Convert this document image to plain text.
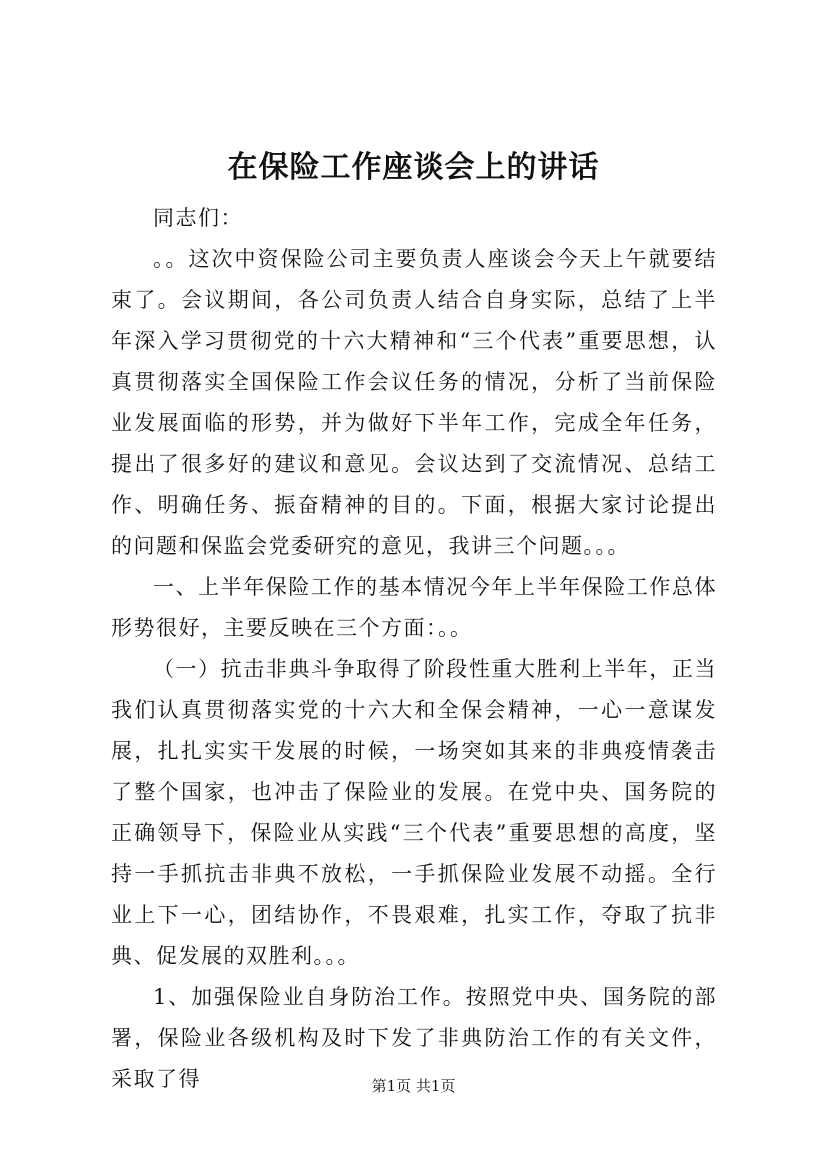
在保险工作座谈会上的讲话

同志们：

。。这次中资保险公司主要负责人座谈会今天上午就要结束了。会议期间，各公司负责人结合自身实际，总结了上半年深入学习贯彻党的十六大精神和“三个代表”重要思想，认真贯彻落实全国保险工作会议任务的情况，分析了当前保险业发展面临的形势，并为做好下半年工作，完成全年任务，提出了很多好的建议和意见。会议达到了交流情况、总结工作、明确任务、振奋精神的目的。下面，根据大家讨论提出的问题和保监会党委研究的意见，我讲三个问题。。。

一、上半年保险工作的基本情况今年上半年保险工作总体形势很好，主要反映在三个方面：。。

（一）抗击非典斗争取得了阶段性重大胜利上半年，正当我们认真贯彻落实党的十六大和全保会精神，一心一意谋发展，扎扎实实干发展的时候，一场突如其来的非典疫情袭击了整个国家，也冲击了保险业的发展。在党中央、国务院的正确领导下，保险业从实践“三个代表”重要思想的高度，坚持一手抓抗击非典不放松，一手抓保险业发展不动摇。全行业上下一心，团结协作，不畏艰难，扎实工作，夺取了抗非典、促发展的双胜利。。。

1、加强保险业自身防治工作。按照党中央、国务院的部署，保险业各级机构及时下发了非典防治工作的有关文件，采取了得	第1页 共1页
